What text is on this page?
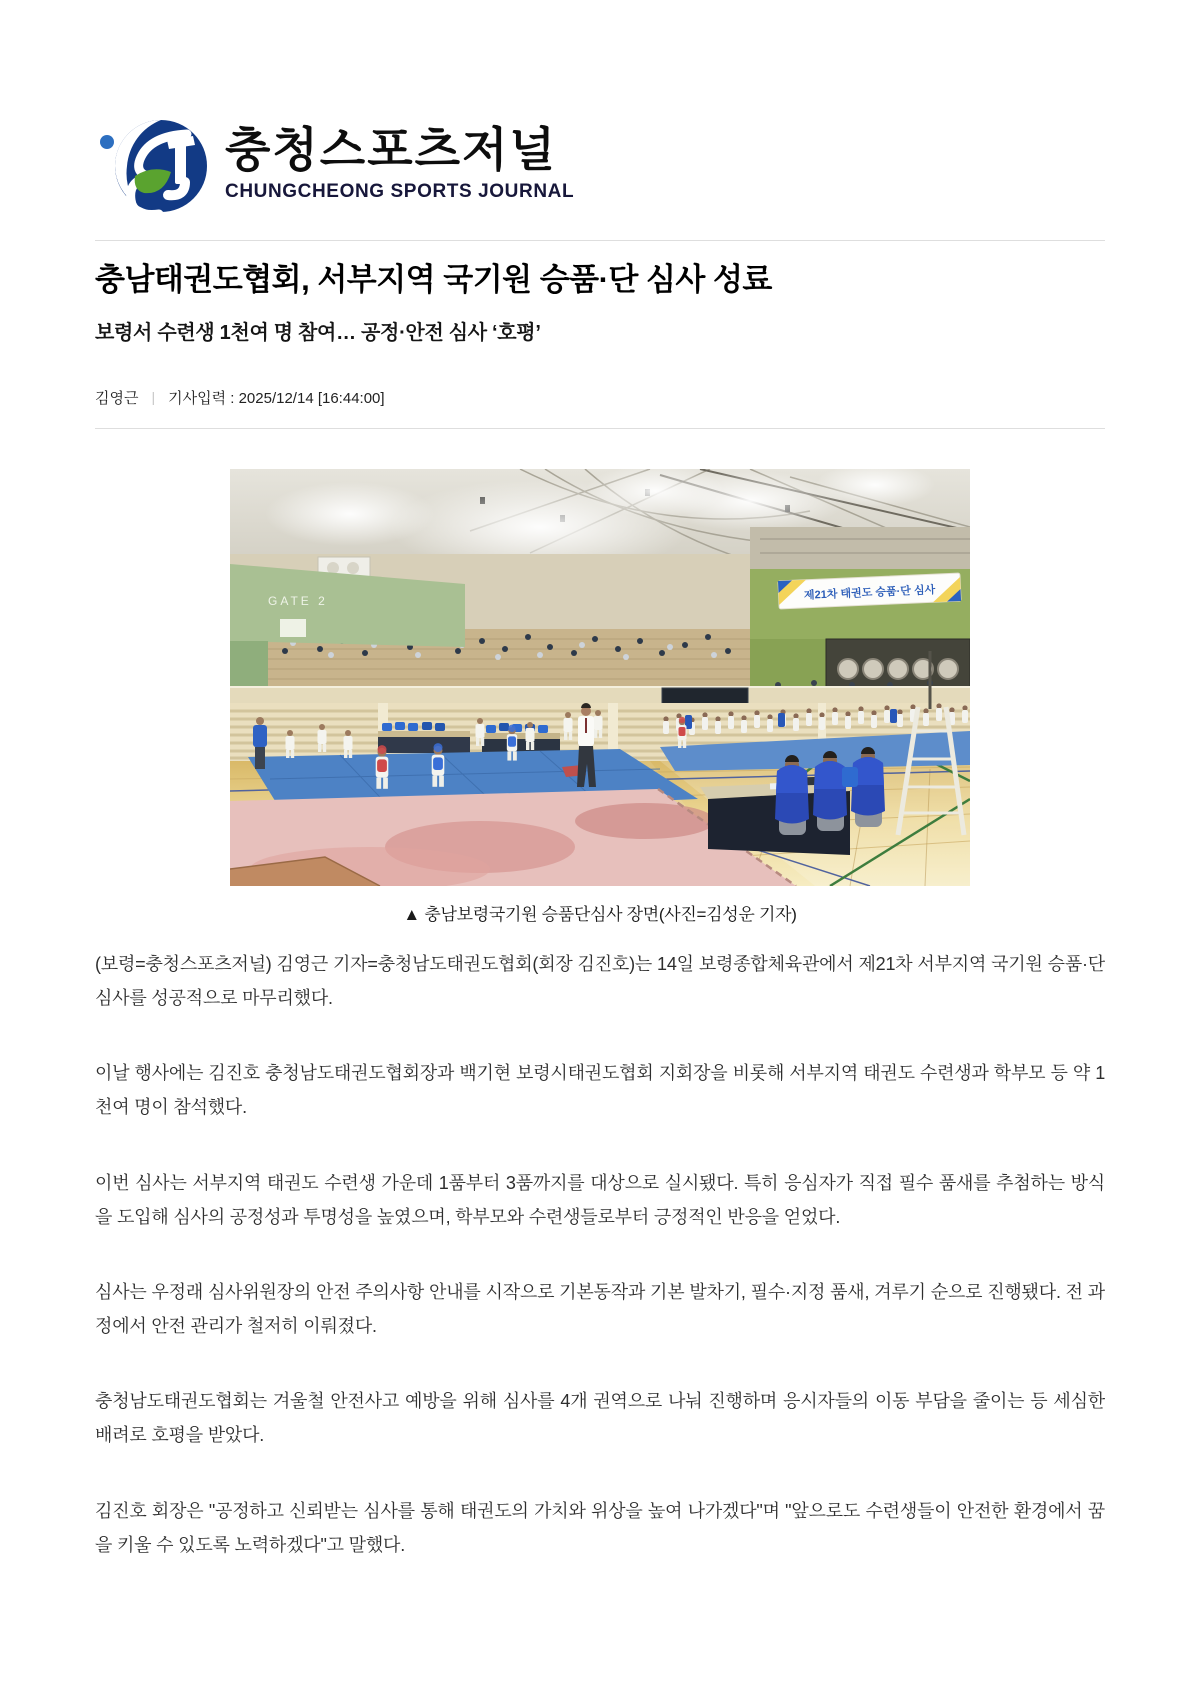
충청스포츠저널
CHUNGCHEONG SPORTS JOURNAL
충남태권도협회, 서부지역 국기원 승품·단 심사 성료
보령서 수련생 1천여 명 참여… 공정·안전 심사 ‘호평’
김영근 | 기사입력 : 2025/12/14 [16:44:00]
GATE 2	제21차 태권도 승품·단 심사
▲ 충남보령국기원 승품단심사 장면(사진=김성운 기자)

(보령=충청스포츠저널) 김영근 기자=충청남도태권도협회(회장 김진호)는 14일 보령종합체육관에서 제21차 서부지역 국기원 승품·단 심사를 성공적으로 마무리했다.

이날 행사에는 김진호 충청남도태권도협회장과 백기현 보령시태권도협회 지회장을 비롯해 서부지역 태권도 수련생과 학부모 등 약 1천여 명이 참석했다.

이번 심사는 서부지역 태권도 수련생 가운데 1품부터 3품까지를 대상으로 실시됐다. 특히 응심자가 직접 필수 품새를 추첨하는 방식을 도입해 심사의 공정성과 투명성을 높였으며, 학부모와 수련생들로부터 긍정적인 반응을 얻었다.

심사는 우정래 심사위원장의 안전 주의사항 안내를 시작으로 기본동작과 기본 발차기, 필수·지정 품새, 겨루기 순으로 진행됐다. 전 과정에서 안전 관리가 철저히 이뤄졌다.

충청남도태권도협회는 겨울철 안전사고 예방을 위해 심사를 4개 권역으로 나눠 진행하며 응시자들의 이동 부담을 줄이는 등 세심한 배려로 호평을 받았다.

김진호 회장은 "공정하고 신뢰받는 심사를 통해 태권도의 가치와 위상을 높여 나가겠다"며 "앞으로도 수련생들이 안전한 환경에서 꿈을 키울 수 있도록 노력하겠다"고 말했다.
